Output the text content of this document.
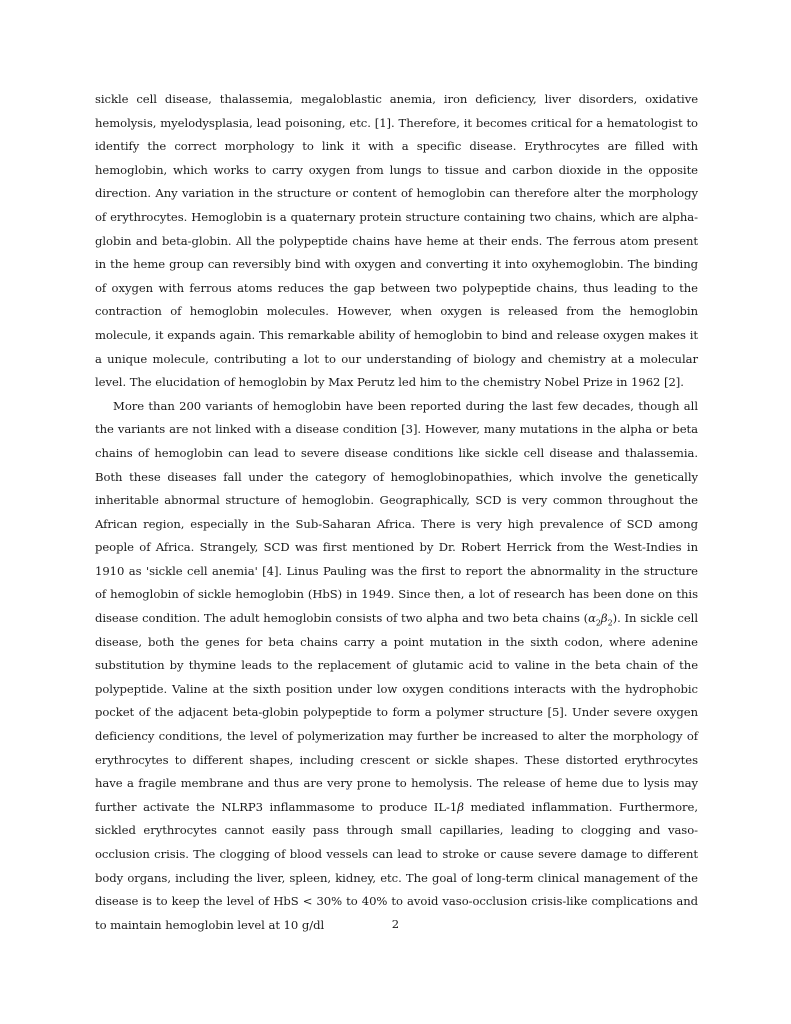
sickle cell disease, thalassemia, megaloblastic anemia, iron deficiency, liver disorders, oxidative hemolysis, myelodysplasia, lead poisoning, etc. [1]. Therefore, it becomes critical for a hematologist to identify the correct morphology to link it with a specific disease. Erythrocytes are filled with hemoglobin, which works to carry oxygen from lungs to tissue and carbon dioxide in the opposite direction. Any variation in the structure or content of hemoglobin can therefore alter the morphology of erythrocytes. Hemoglobin is a quaternary protein structure containing two chains, which are alpha-globin and beta-globin. All the polypeptide chains have heme at their ends. The ferrous atom present in the heme group can reversibly bind with oxygen and converting it into oxyhemoglobin. The binding of oxygen with ferrous atoms reduces the gap between two polypeptide chains, thus leading to the contraction of hemoglobin molecules. However, when oxygen is released from the hemoglobin molecule, it expands again. This remarkable ability of hemoglobin to bind and release oxygen makes it a unique molecule, contributing a lot to our understanding of biology and chemistry at a molecular level. The elucidation of hemoglobin by Max Perutz led him to the chemistry Nobel Prize in 1962 [2].

More than 200 variants of hemoglobin have been reported during the last few decades, though all the variants are not linked with a disease condition [3]. However, many mutations in the alpha or beta chains of hemoglobin can lead to severe disease conditions like sickle cell disease and thalassemia. Both these diseases fall under the category of hemoglobinopathies, which involve the genetically inheritable abnormal structure of hemoglobin. Geographically, SCD is very common throughout the African region, especially in the Sub-Saharan Africa. There is very high prevalence of SCD among people of Africa. Strangely, SCD was first mentioned by Dr. Robert Herrick from the West-Indies in 1910 as 'sickle cell anemia' [4]. Linus Pauling was the first to report the abnormality in the structure of hemoglobin of sickle hemoglobin (HbS) in 1949. Since then, a lot of research has been done on this disease condition. The adult hemoglobin consists of two alpha and two beta chains $(\alpha_2\beta_2)$. In sickle cell disease, both the genes for beta chains carry a point mutation in the sixth codon, where adenine substitution by thymine leads to the replacement of glutamic acid to valine in the beta chain of the polypeptide. Valine at the sixth position under low oxygen conditions interacts with the hydrophobic pocket of the adjacent beta-globin polypeptide to form a polymer structure [5]. Under severe oxygen deficiency conditions, the level of polymerization may further be increased to alter the morphology of erythrocytes to different shapes, including crescent or sickle shapes. These distorted erythrocytes have a fragile membrane and thus are very prone to hemolysis. The release of heme due to lysis may further activate the NLRP3 inflammasome to produce IL-1β mediated inflammation. Furthermore, sickled erythrocytes cannot easily pass through small capillaries, leading to clogging and vaso-occlusion crisis. The clogging of blood vessels can lead to stroke or cause severe damage to different body organs, including the liver, spleen, kidney, etc. The goal of long-term clinical management of the disease is to keep the level of HbS < 30% to 40% to avoid vaso-occlusion crisis-like complications and to maintain hemoglobin level at 10 g/dl	2
